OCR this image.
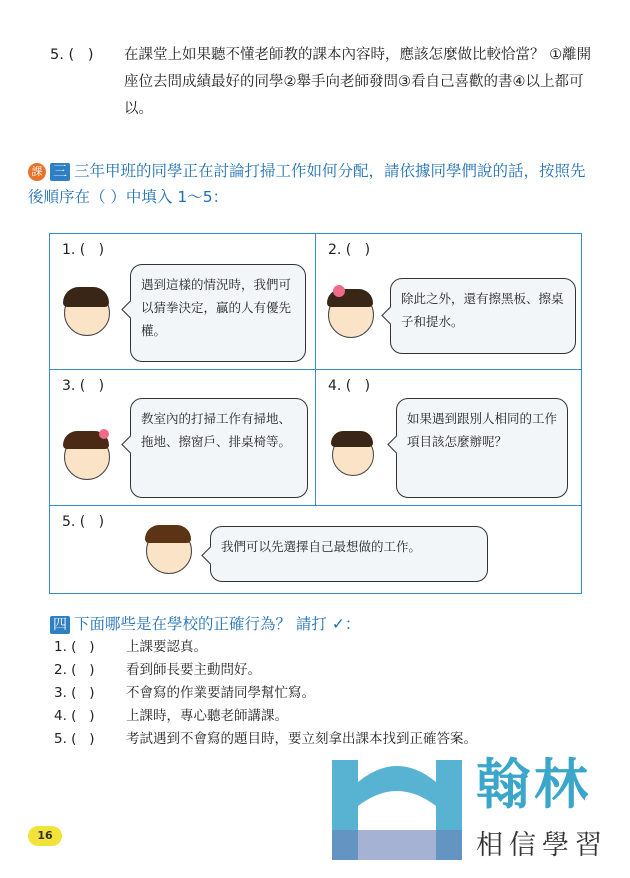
5. (   ) 在課堂上如果聽不懂老師教的課本內容時，應該怎麼做比較恰當？ ①離開座位去問成績最好的同學②舉手向老師發問③看自己喜歡的書④以上都可以。
課 三 三年甲班的同學正在討論打掃工作如何分配，請依據同學們說的話，按照先後順序在（ ）中填入 1～5：
1. (   )
遇到這樣的情況時，我們可以猜拳決定，贏的人有優先權。
2. (   )
除此之外，還有擦黑板、擦桌子和提水。
3. (   )
教室內的打掃工作有掃地、拖地、擦窗戶、排桌椅等。
4. (   )
如果遇到跟別人相同的工作項目該怎麼辦呢？
5. (   )
我們可以先選擇自己最想做的工作。
四 下面哪些是在學校的正確行為？ 請打 ✓：
1. (   ) 上課要認真。
2. (   ) 看到師長要主動問好。
3. (   ) 不會寫的作業要請同學幫忙寫。
4. (   ) 上課時，專心聽老師講課。
5. (   ) 考試遇到不會寫的題目時，要立刻拿出課本找到正確答案。
16
翰林
相信學習
